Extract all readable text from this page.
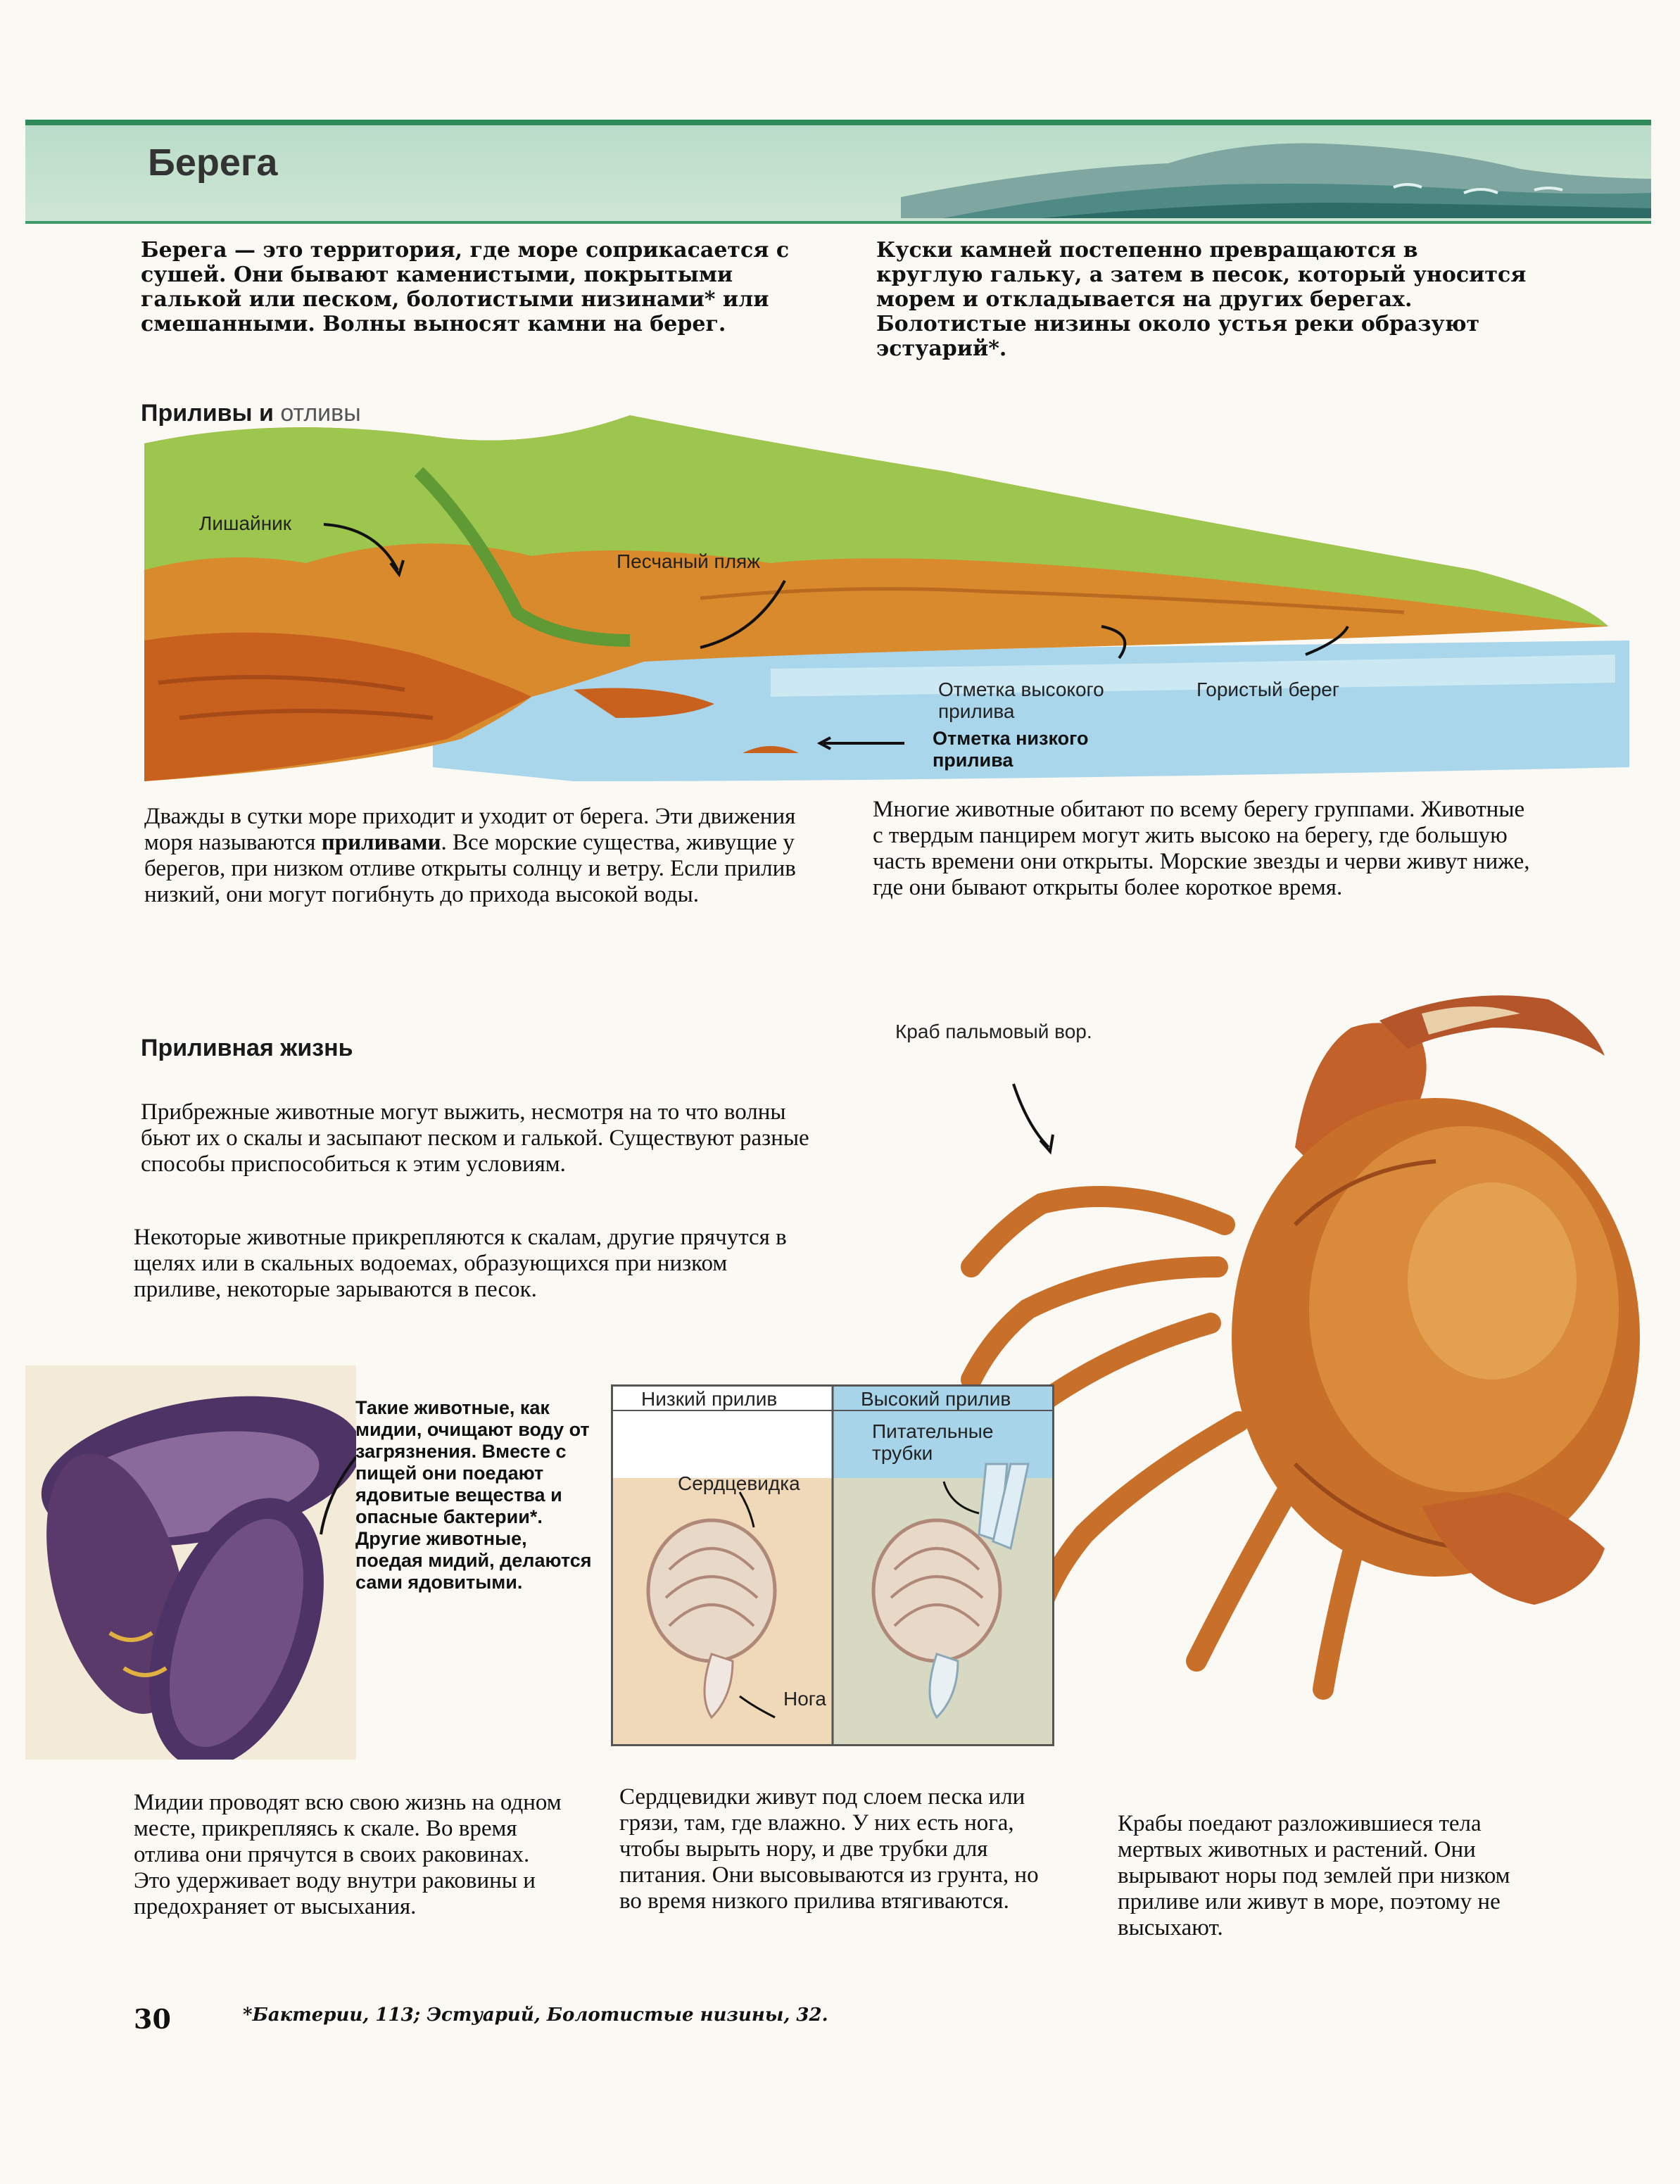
Берега
Берега — это территория, где море соприкасается с сушей. Они бывают каменистыми, покрытыми галькой или песком, болотистыми низинами* или смешанными. Волны выносят камни на берег.
Куски камней постепенно превращаются в круглую гальку, а затем в песок, который уносится морем и откладывается на других берегах. Болотистые низины около устья реки образуют эстуарий*.
Приливы и отливы
Лишайник
Песчаный пляж
Отметка высокого прилива
Гористый берег
Отметка низкого прилива
Дважды в сутки море приходит и уходит от берега. Эти движения моря называются приливами. Все морские существа, живущие у берегов, при низком отливе открыты солнцу и ветру. Если прилив низкий, они могут погибнуть до прихода высокой воды.
Многие животные обитают по всему берегу группами. Животные с твердым панцирем могут жить высоко на берегу, где большую часть времени они открыты. Морские звезды и черви живут ниже, где они бывают открыты более короткое время.
Приливная жизнь
Прибрежные животные могут выжить, несмотря на то что волны бьют их о скалы и засыпают песком и галькой. Существуют разные способы приспособиться к этим условиям.
Некоторые животные прикрепляются к скалам, другие прячутся в щелях или в скальных водоемах, образующихся при низком приливе, некоторые зарываются в песок.
Краб пальмовый вор.
Крабы поедают разложившиеся тела мертвых животных и растений. Они вырывают норы под землей при низком приливе или живут в море, поэтому не высыхают.
Такие животные, как мидии, очищают воду от загрязнения. Вместе с пищей они поедают ядовитые вещества и опасные бактерии*. Другие животные, поедая мидий, делаются сами ядовитыми.
Мидии проводят всю свою жизнь на одном месте, прикрепляясь к скале. Во время отлива они прячутся в своих раковинах. Это удерживает воду внутри раковины и предохраняет от высыхания.
Низкий прилив	Высокий прилив
Питательные трубки
Сердцевидка
Нога
Сердцевидки живут под слоем песка или грязи, там, где влажно. У них есть нога, чтобы вырыть нору, и две трубки для питания. Они высовываются из грунта, но во время низкого прилива втягиваются.
30	*Бактерии, 113; Эстуарий, Болотистые низины, 32.
